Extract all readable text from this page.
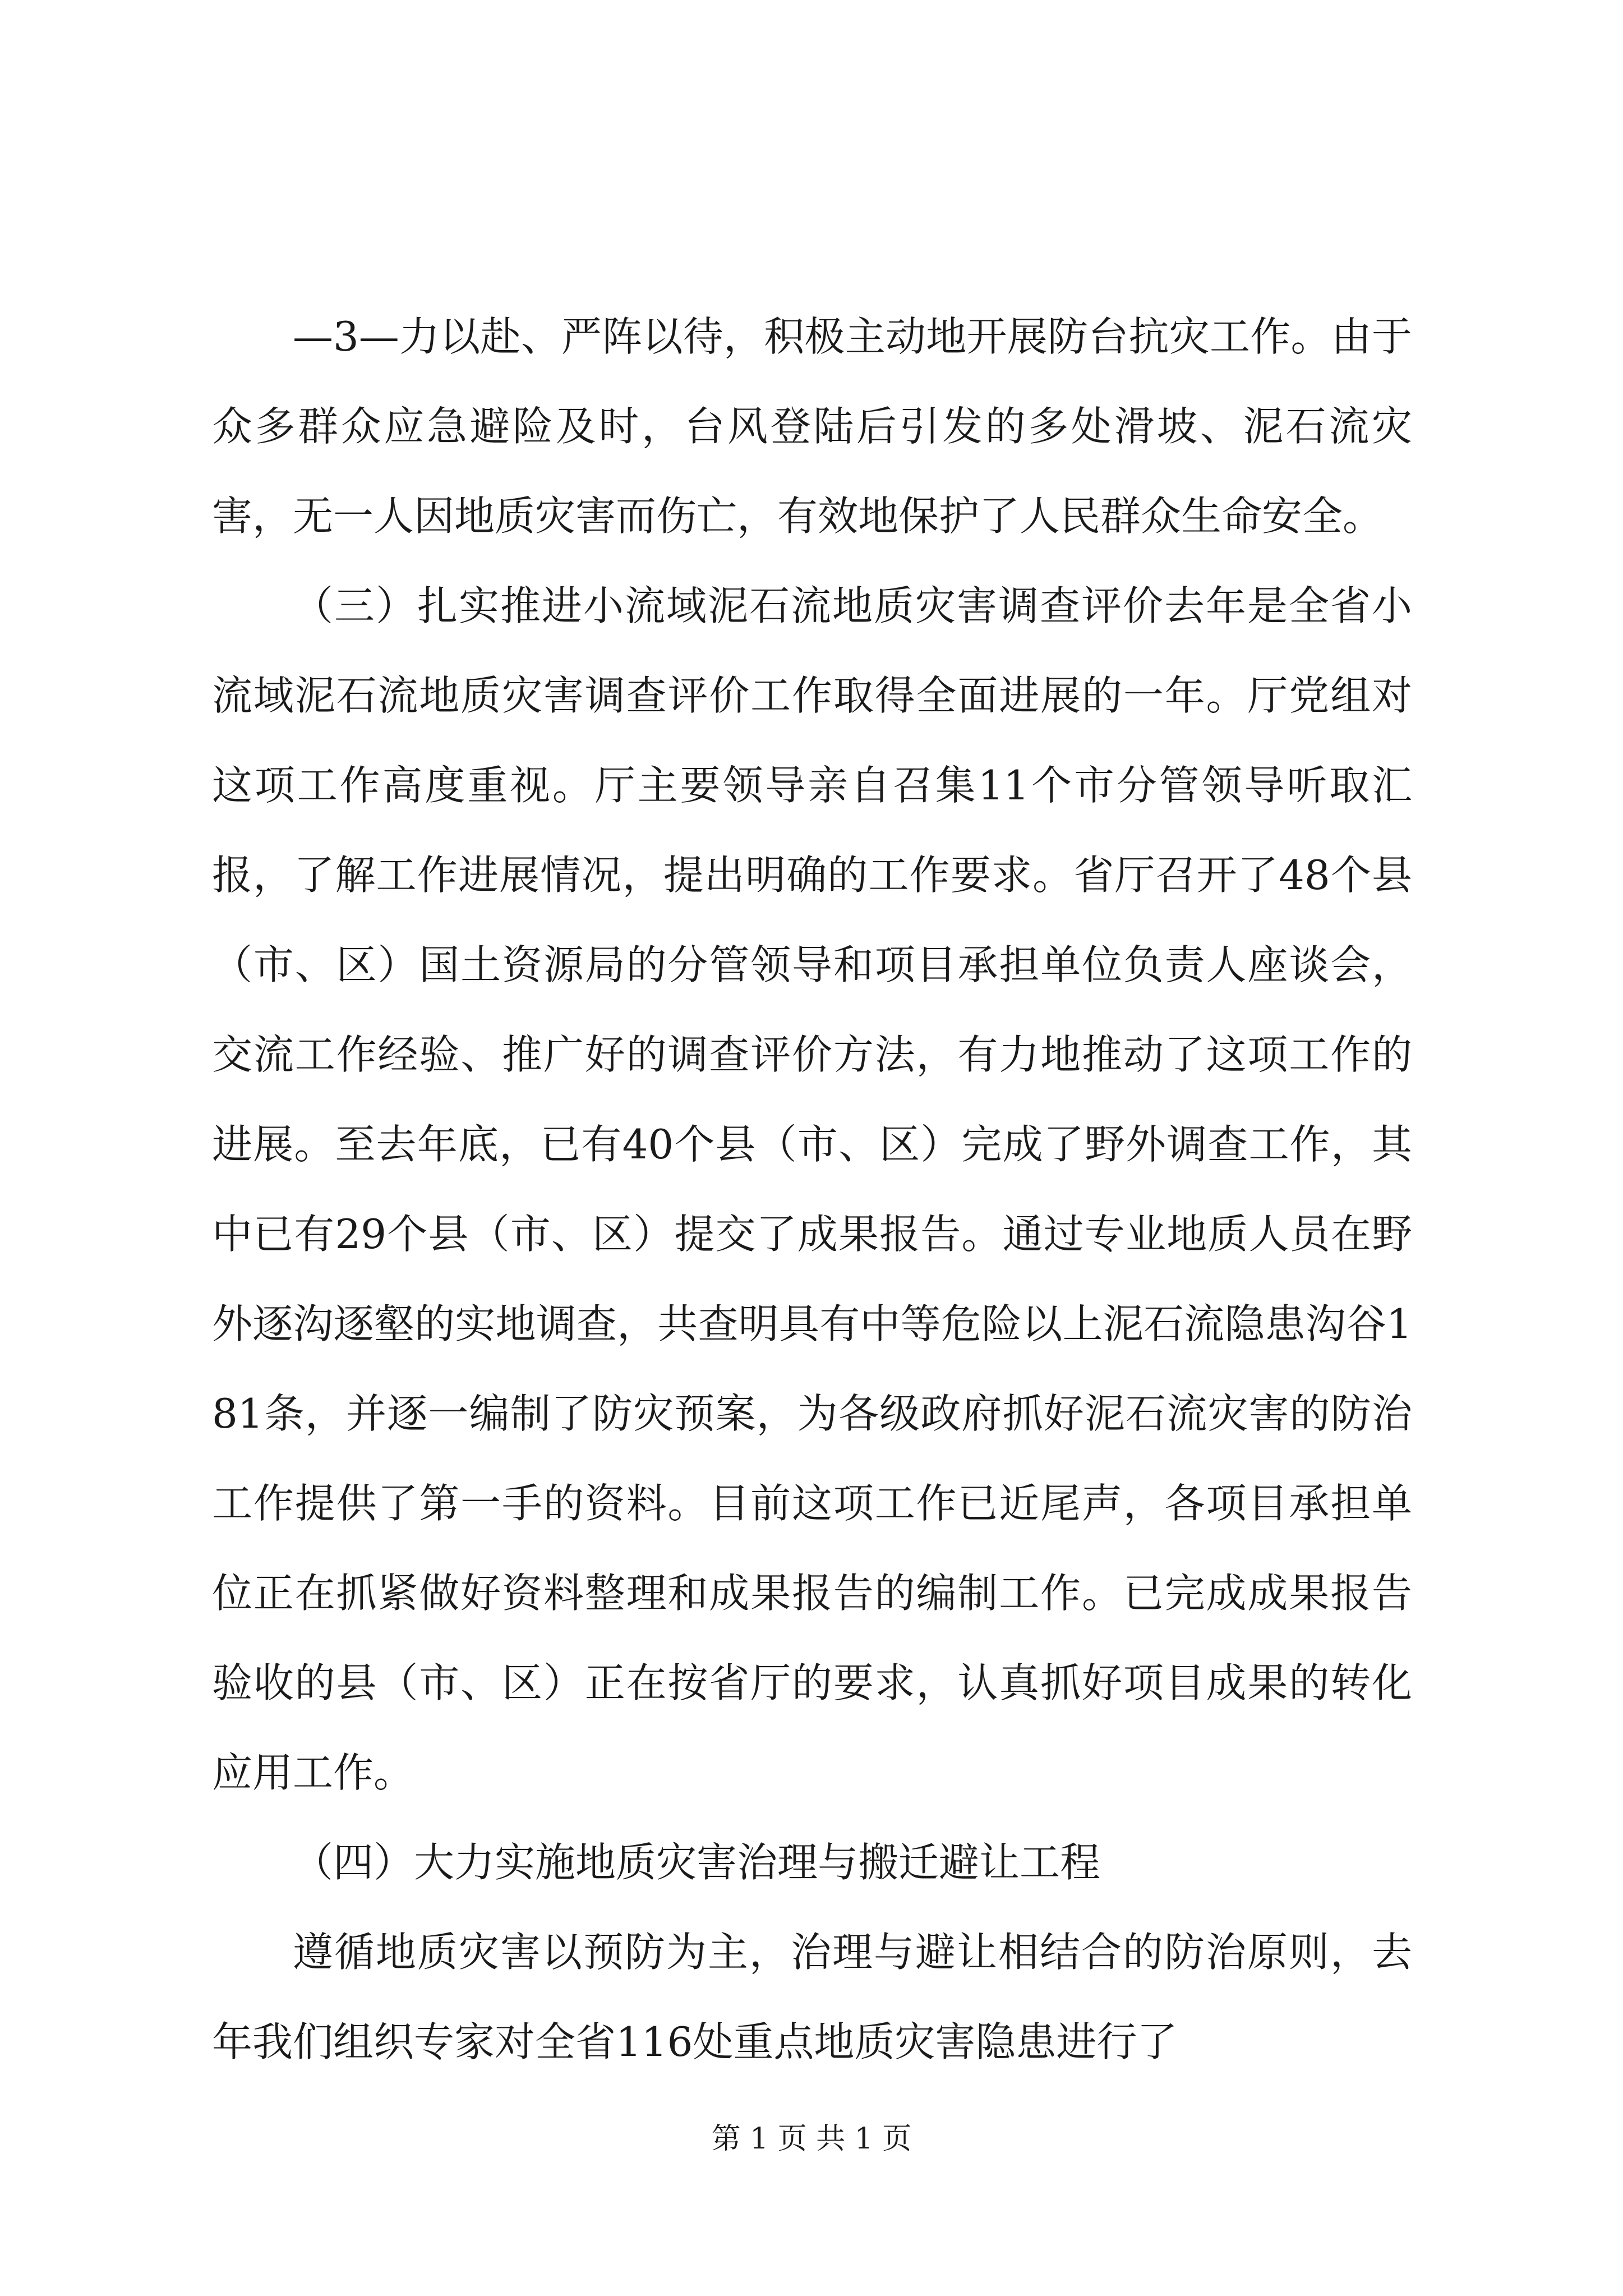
—3—力以赴、严阵以待，积极主动地开展防台抗灾工作。由于众多群众应急避险及时，台风登陆后引发的多处滑坡、泥石流灾害，无一人因地质灾害而伤亡，有效地保护了人民群众生命安全。

（三）扎实推进小流域泥石流地质灾害调查评价去年是全省小流域泥石流地质灾害调查评价工作取得全面进展的一年。厅党组对这项工作高度重视。厅主要领导亲自召集11个市分管领导听取汇报，了解工作进展情况，提出明确的工作要求。省厅召开了48个县（市、区）国土资源局的分管领导和项目承担单位负责人座谈会，交流工作经验、推广好的调查评价方法，有力地推动了这项工作的进展。至去年底，已有40个县（市、区）完成了野外调查工作，其中已有29个县（市、区）提交了成果报告。通过专业地质人员在野外逐沟逐壑的实地调查，共查明具有中等危险以上泥石流隐患沟谷181条，并逐一编制了防灾预案，为各级政府抓好泥石流灾害的防治工作提供了第一手的资料。目前这项工作已近尾声，各项目承担单位正在抓紧做好资料整理和成果报告的编制工作。已完成成果报告验收的县（市、区）正在按省厅的要求，认真抓好项目成果的转化应用工作。

（四）大力实施地质灾害治理与搬迁避让工程

遵循地质灾害以预防为主，治理与避让相结合的防治原则，去年我们组织专家对全省116处重点地质灾害隐患进行了

第 1 页 共 1 页
